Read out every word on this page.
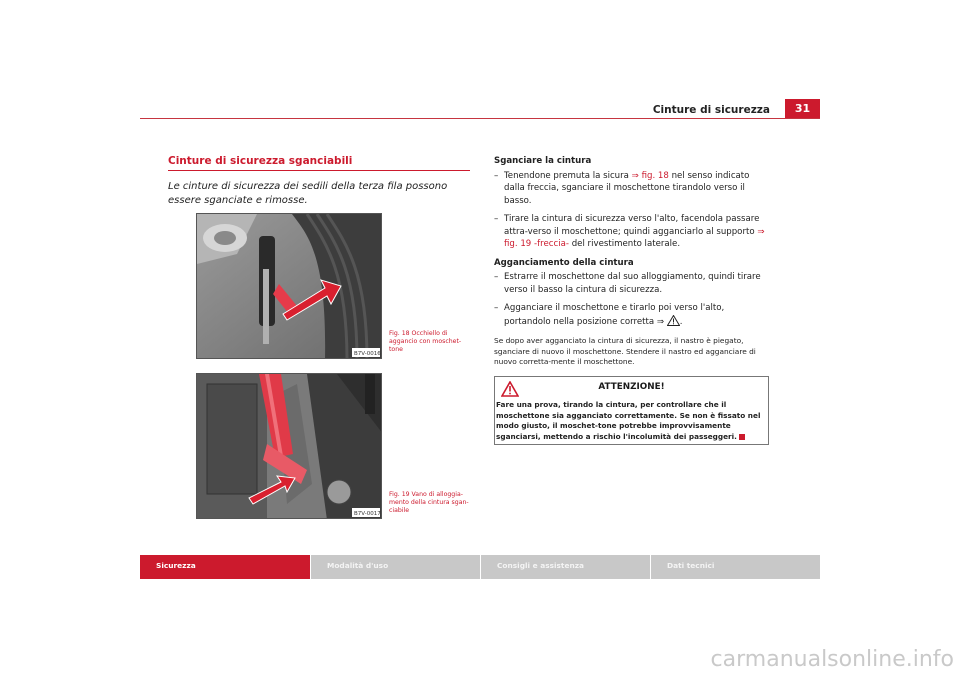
Cinture di sicurezza	31
Cinture di sicurezza sganciabili
Le cinture di sicurezza dei sedili della terza fila possono essere sganciate e rimosse.
B7V-0016
Fig. 18 Occhiello di aggancio con moschet-tone
B7V-0017
Fig. 19 Vano di alloggia-mento della cintura sgan-ciabile
Sganciare la cintura
– Tenendone premuta la sicura ⇒ fig. 18 nel senso indicato dalla freccia, sganciare il moschettone tirandolo verso il basso.
– Tirare la cintura di sicurezza verso l'alto, facendola passare attra-verso il moschettone; quindi agganciarlo al supporto ⇒ fig. 19 -freccia- del rivestimento laterale.
Agganciamento della cintura
– Estrarre il moschettone dal suo alloggiamento, quindi tirare verso il basso la cintura di sicurezza.
– Agganciare il moschettone e tirarlo poi verso l'alto, portandolo nella posizione corretta ⇒ .
Se dopo aver agganciato la cintura di sicurezza, il nastro è piegato, sganciare di nuovo il moschettone. Stendere il nastro ed agganciare di nuovo corretta-mente il moschettone.
ATTENZIONE!
Fare una prova, tirando la cintura, per controllare che il moschettone sia agganciato correttamente. Se non è fissato nel modo giusto, il moschet-tone potrebbe improvvisamente sganciarsi, mettendo a rischio l'incolumità dei passeggeri.
Sicurezza	Modalità d'uso	Consigli e assistenza	Dati tecnici
carmanualsonline.info
